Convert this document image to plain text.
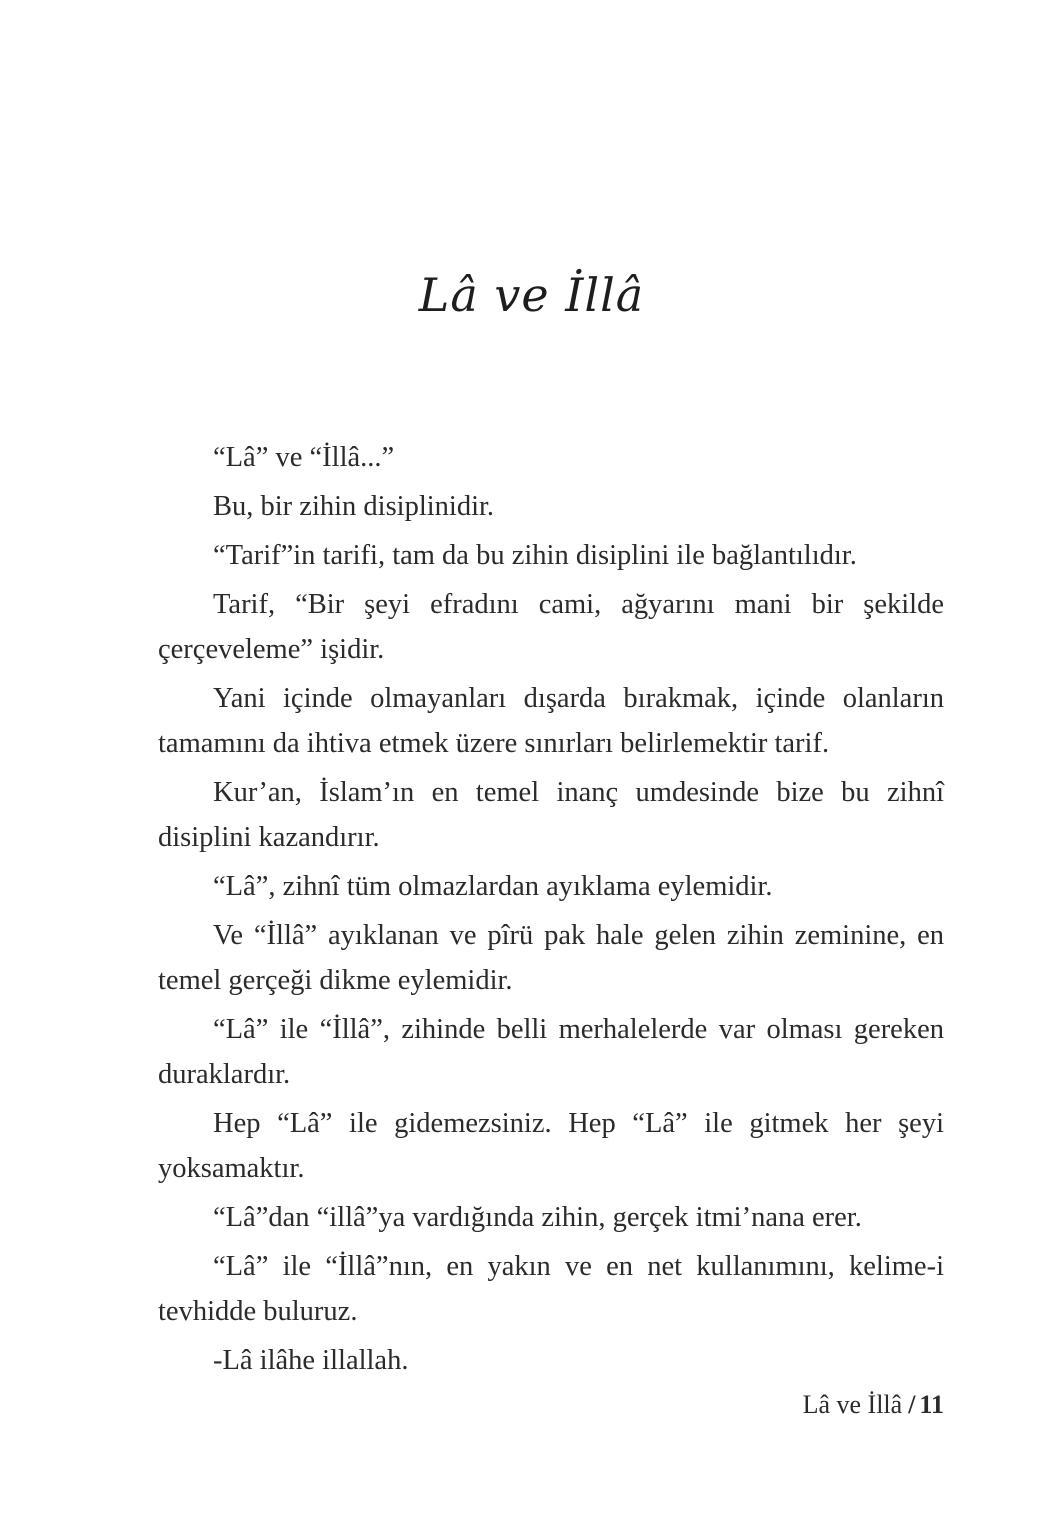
Lâ ve İllâ

“Lâ” ve “İllâ...”

Bu, bir zihin disiplinidir.

“Tarif”in tarifi, tam da bu zihin disiplini ile bağlantılıdır.

Tarif, “Bir şeyi efradını cami, ağyarını mani bir şekilde çerçeveleme” işidir.

Yani içinde olmayanları dışarda bırakmak, içinde olanların tamamını da ihtiva etmek üzere sınırları belirlemektir tarif.

Kur’an, İslam’ın en temel inanç umdesinde bize bu zihnî disiplini kazandırır.

“Lâ”, zihnî tüm olmazlardan ayıklama eylemidir.

Ve “İllâ” ayıklanan ve pîrü pak hale gelen zihin zeminine, en temel gerçeği dikme eylemidir.

“Lâ” ile “İllâ”, zihinde belli merhalelerde var olması gereken duraklardır.

Hep “Lâ” ile gidemezsiniz. Hep “Lâ” ile gitmek her şeyi yoksamaktır.

“Lâ”dan “illâ”ya vardığında zihin, gerçek itmi’nana erer.

“Lâ” ile “İllâ”nın, en yakın ve en net kullanımını, kelime-i tevhidde buluruz.

-Lâ ilâhe illallah.

Lâ ve İllâ / 11
